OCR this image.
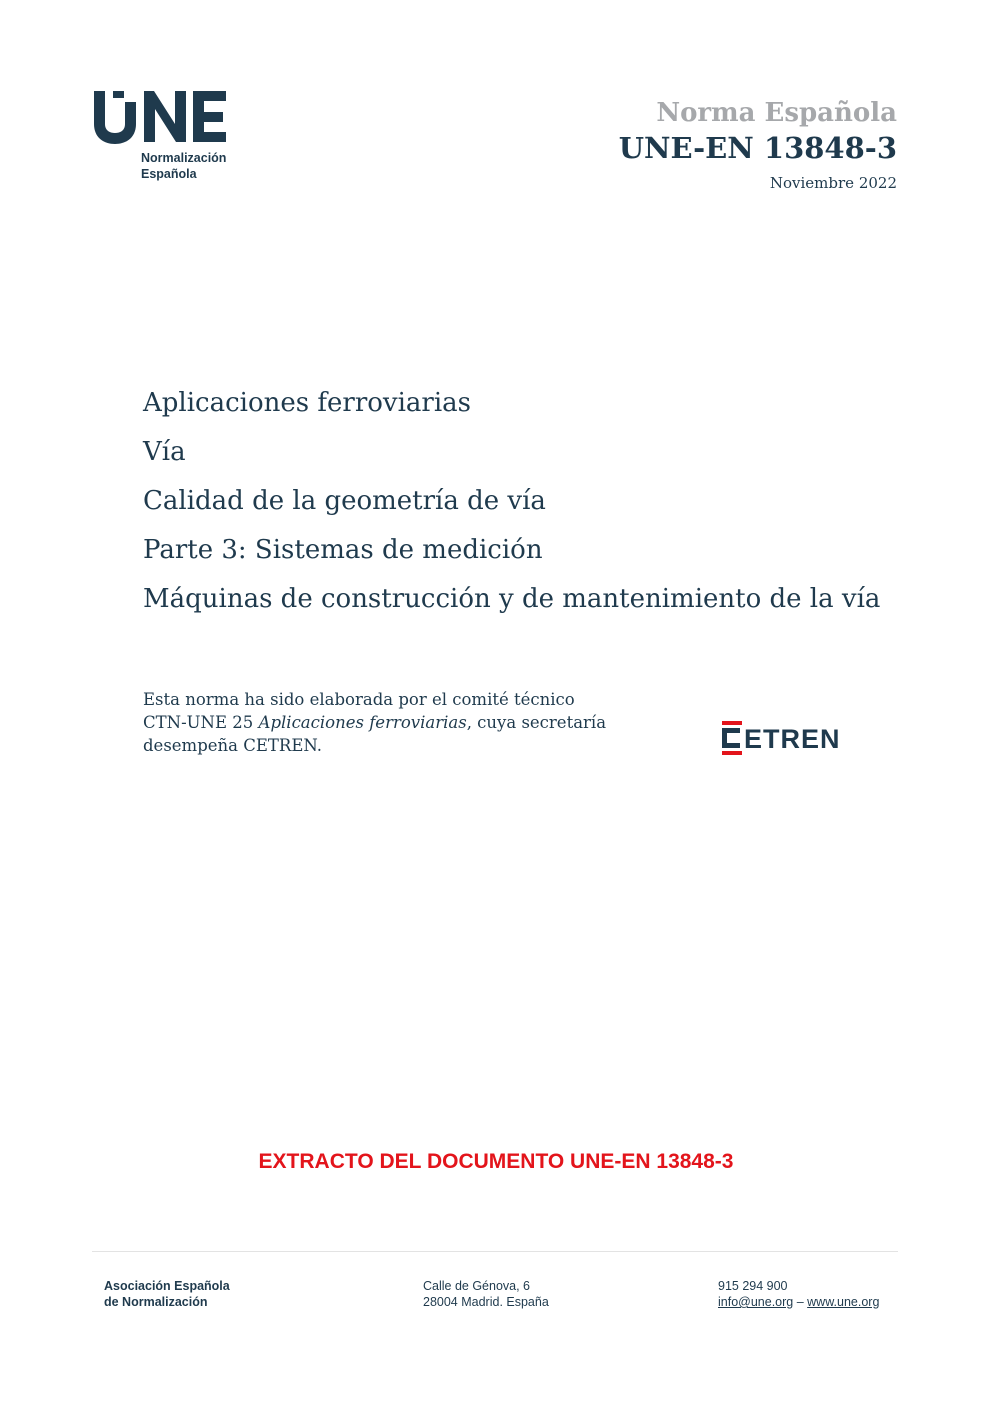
Normalización
Española
Norma Española
UNE-EN 13848-3
Noviembre 2022
Aplicaciones ferroviarias
Vía
Calidad de la geometría de vía
Parte 3: Sistemas de medición
Máquinas de construcción y de mantenimiento de la vía
Esta norma ha sido elaborada por el comité técnico
CTN-UNE 25 Aplicaciones ferroviarias, cuya secretaría
desempeña CETREN.	ETREN
EXTRACTO DEL DOCUMENTO UNE-EN 13848-3
Asociación Española
de Normalización
Calle de Génova, 6
28004 Madrid. España
915 294 900
info@une.org – www.une.org
